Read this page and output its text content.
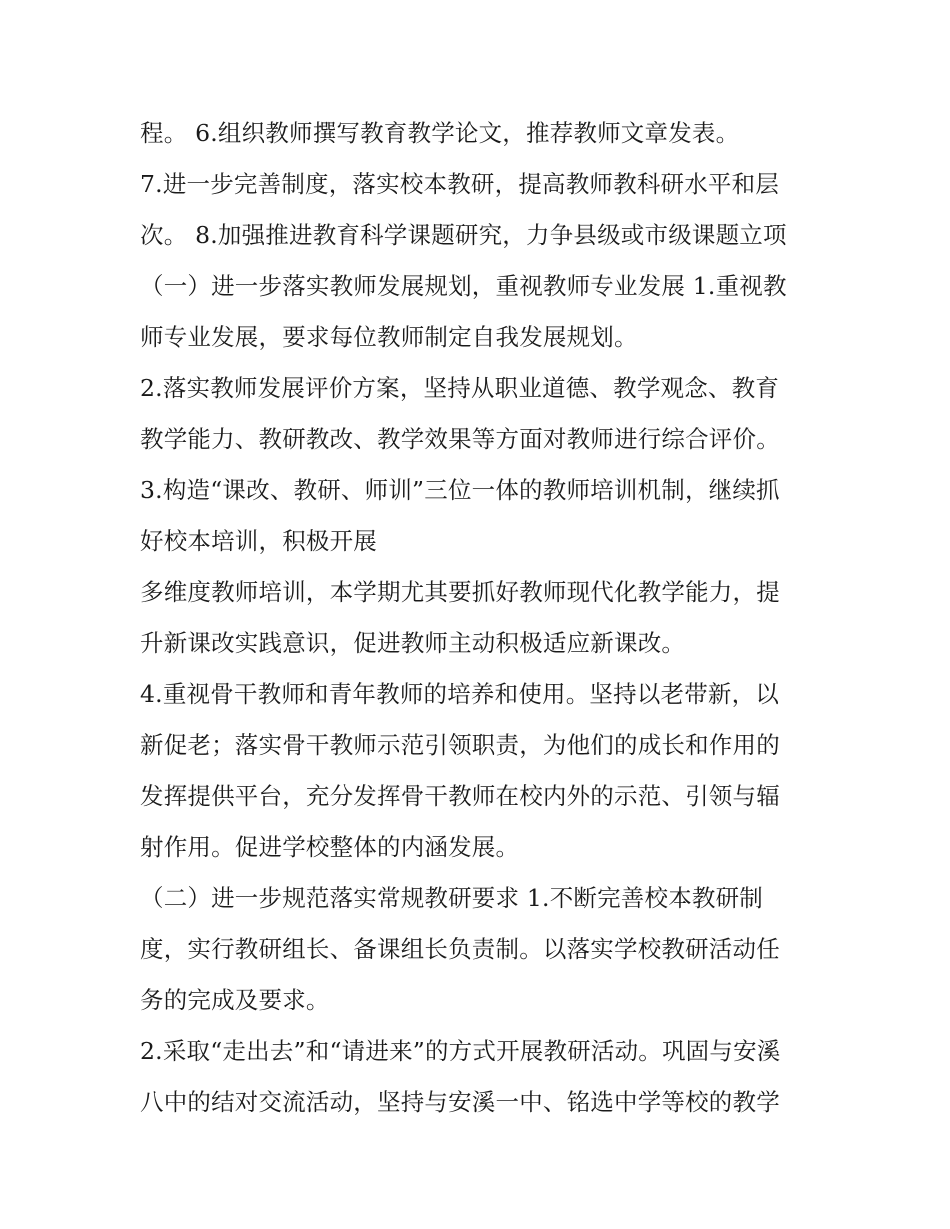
程。 6.组织教师撰写教育教学论文，推荐教师文章发表。
7.进一步完善制度，落实校本教研，提高教师教科研水平和层
次。 8.加强推进教育科学课题研究，力争县级或市级课题立项
（一）进一步落实教师发展规划，重视教师专业发展 1.重视教
师专业发展，要求每位教师制定自我发展规划。
2.落实教师发展评价方案，坚持从职业道德、教学观念、教育
教学能力、教研教改、教学效果等方面对教师进行综合评价。
3.构造“课改、教研、师训”三位一体的教师培训机制，继续抓
好校本培训，积极开展
多维度教师培训，本学期尤其要抓好教师现代化教学能力，提
升新课改实践意识，促进教师主动积极适应新课改。
4.重视骨干教师和青年教师的培养和使用。坚持以老带新，以
新促老；落实骨干教师示范引领职责，为他们的成长和作用的
发挥提供平台，充分发挥骨干教师在校内外的示范、引领与辐
射作用。促进学校整体的内涵发展。
（二）进一步规范落实常规教研要求 1.不断完善校本教研制
度，实行教研组长、备课组长负责制。以落实学校教研活动任
务的完成及要求。
2.采取“走出去”和“请进来”的方式开展教研活动。巩固与安溪
八中的结对交流活动，坚持与安溪一中、铭选中学等校的教学
